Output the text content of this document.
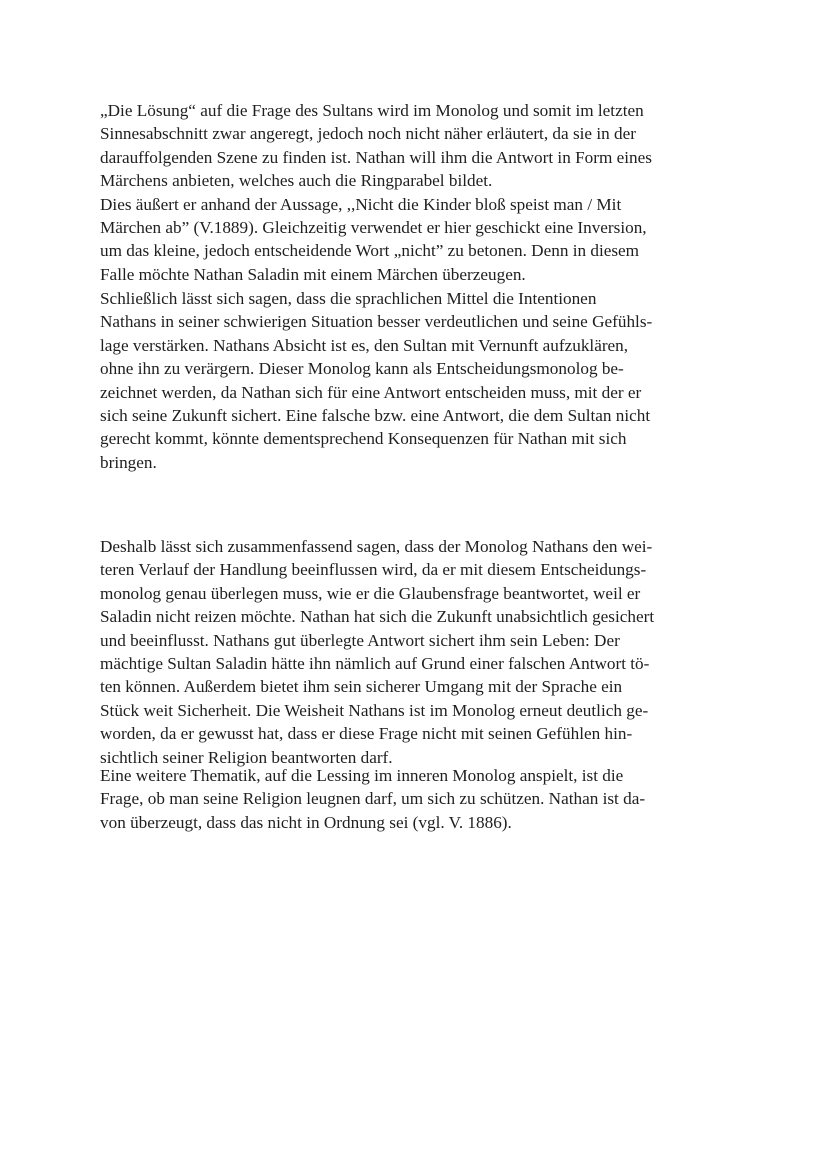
„Die Lösung“ auf die Frage des Sultans wird im Monolog und somit im letzten
Sinnesabschnitt zwar angeregt, jedoch noch nicht näher erläutert, da sie in der
darauffolgenden Szene zu finden ist. Nathan will ihm die Antwort in Form eines
Märchens anbieten, welches auch die Ringparabel bildet.
Dies äußert er anhand der Aussage, ,,Nicht die Kinder bloß speist man / Mit
Märchen ab” (V.1889). Gleichzeitig verwendet er hier geschickt eine Inversion,
um das kleine, jedoch entscheidende Wort „nicht” zu betonen. Denn in diesem
Falle möchte Nathan Saladin mit einem Märchen überzeugen.
Schließlich lässt sich sagen, dass die sprachlichen Mittel die Intentionen
Nathans in seiner schwierigen Situation besser verdeutlichen und seine Gefühls-
lage verstärken. Nathans Absicht ist es, den Sultan mit Vernunft aufzuklären,
ohne ihn zu verärgern. Dieser Monolog kann als Entscheidungsmonolog be-
zeichnet werden, da Nathan sich für eine Antwort entscheiden muss, mit der er
sich seine Zukunft sichert. Eine falsche bzw. eine Antwort, die dem Sultan nicht
gerecht kommt, könnte dementsprechend Konsequenzen für Nathan mit sich
bringen.
Deshalb lässt sich zusammenfassend sagen, dass der Monolog Nathans den wei-
teren Verlauf der Handlung beeinflussen wird, da er mit diesem Entscheidungs-
monolog genau überlegen muss, wie er die Glaubensfrage beantwortet, weil er
Saladin nicht reizen möchte. Nathan hat sich die Zukunft unabsichtlich gesichert
und beeinflusst. Nathans gut überlegte Antwort sichert ihm sein Leben: Der
mächtige Sultan Saladin hätte ihn nämlich auf Grund einer falschen Antwort tö-
ten können. Außerdem bietet ihm sein sicherer Umgang mit der Sprache ein
Stück weit Sicherheit. Die Weisheit Nathans ist im Monolog erneut deutlich ge-
worden, da er gewusst hat, dass er diese Frage nicht mit seinen Gefühlen hin-
sichtlich seiner Religion beantworten darf.
Eine weitere Thematik, auf die Lessing im inneren Monolog anspielt, ist die
Frage, ob man seine Religion leugnen darf, um sich zu schützen. Nathan ist da-
von überzeugt, dass das nicht in Ordnung sei (vgl. V. 1886).
